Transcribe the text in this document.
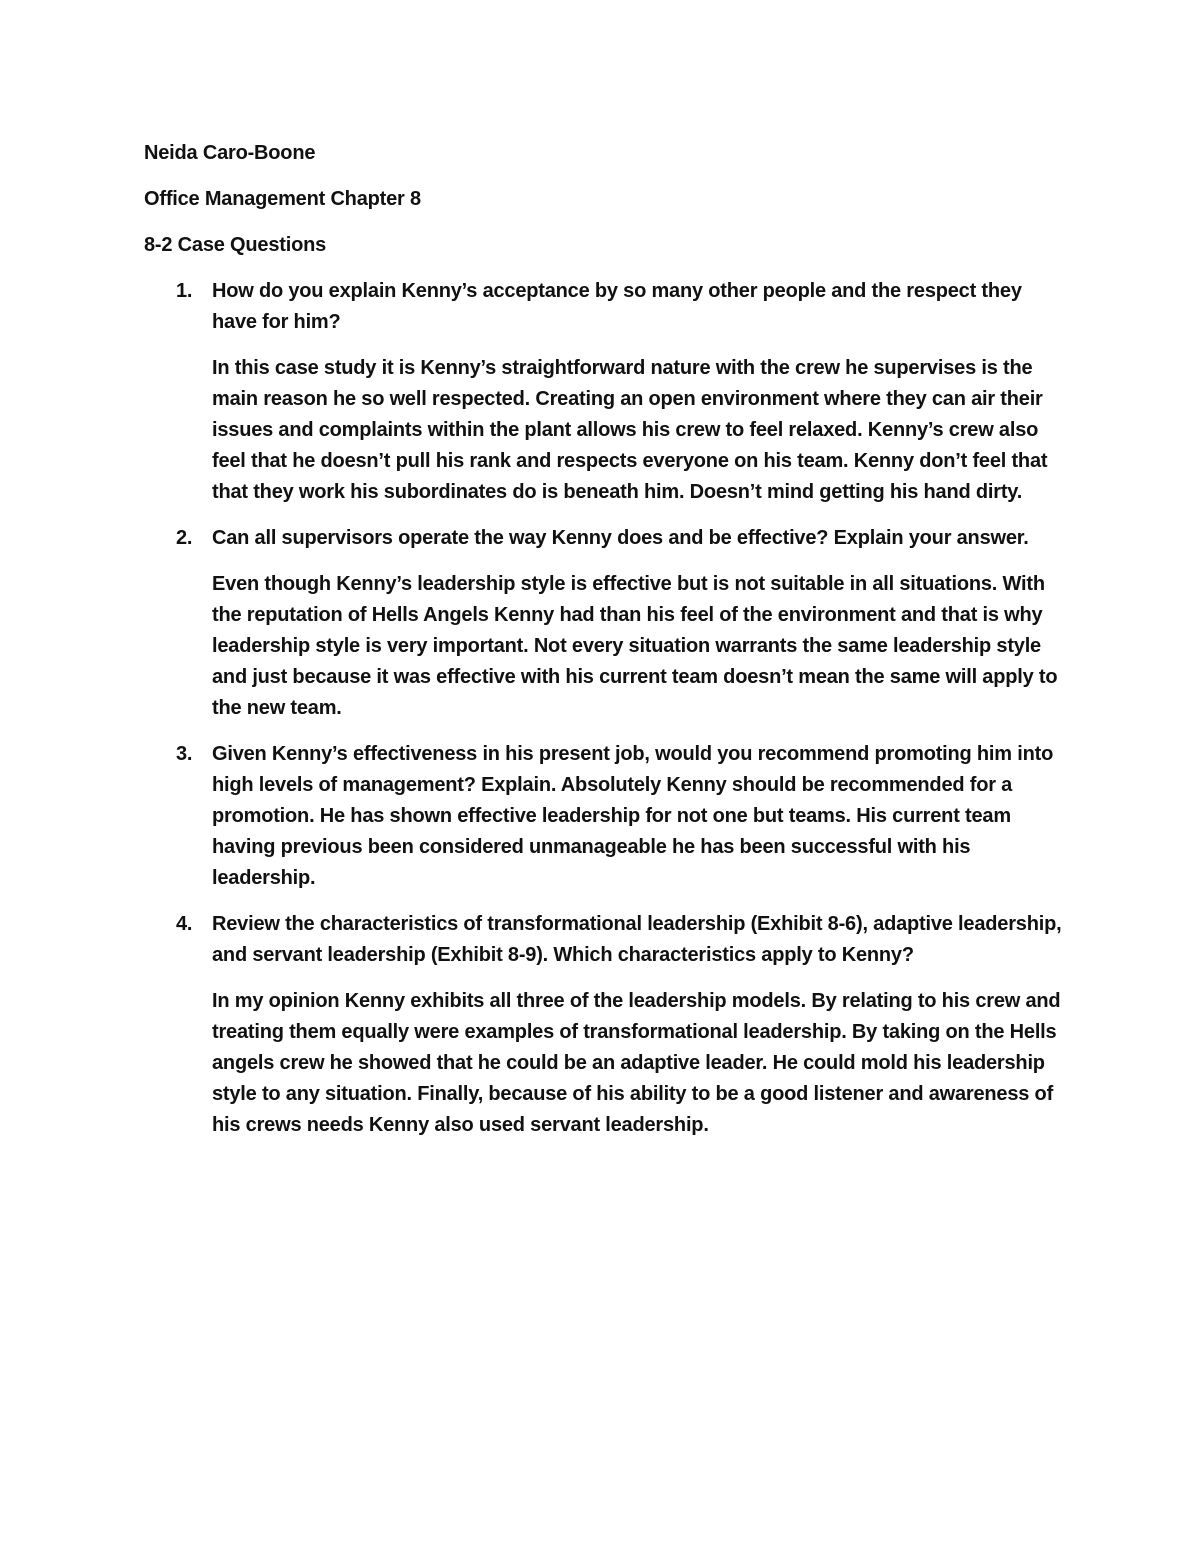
Neida Caro-Boone

Office Management Chapter 8

8-2 Case Questions

1. How do you explain Kenny’s acceptance by so many other people and the respect they have for him?

In this case study it is Kenny’s straightforward nature with the crew he supervises is the main reason he so well respected. Creating an open environment where they can air their issues and complaints within the plant allows his crew to feel relaxed. Kenny’s crew also feel that he doesn’t pull his rank and respects everyone on his team. Kenny don’t feel that that they work his subordinates do is beneath him. Doesn’t mind getting his hand dirty.

2. Can all supervisors operate the way Kenny does and be effective? Explain your answer.

Even though Kenny’s leadership style is effective but is not suitable in all situations. With the reputation of Hells Angels Kenny had than his feel of the environment and that is why leadership style is very important. Not every situation warrants the same leadership style and just because it was effective with his current team doesn’t mean the same will apply to the new team.

3. Given Kenny’s effectiveness in his present job, would you recommend promoting him into high levels of management? Explain. Absolutely Kenny should be recommended for a promotion. He has shown effective leadership for not one but teams. His current team having previous been considered unmanageable he has been successful with his leadership.

4. Review the characteristics of transformational leadership (Exhibit 8-6), adaptive leadership, and servant leadership (Exhibit 8-9). Which characteristics apply to Kenny?

In my opinion Kenny exhibits all three of the leadership models. By relating to his crew and treating them equally were examples of transformational leadership. By taking on the Hells angels crew he showed that he could be an adaptive leader. He could mold his leadership style to any situation. Finally, because of his ability to be a good listener and awareness of his crews needs Kenny also used servant leadership.
